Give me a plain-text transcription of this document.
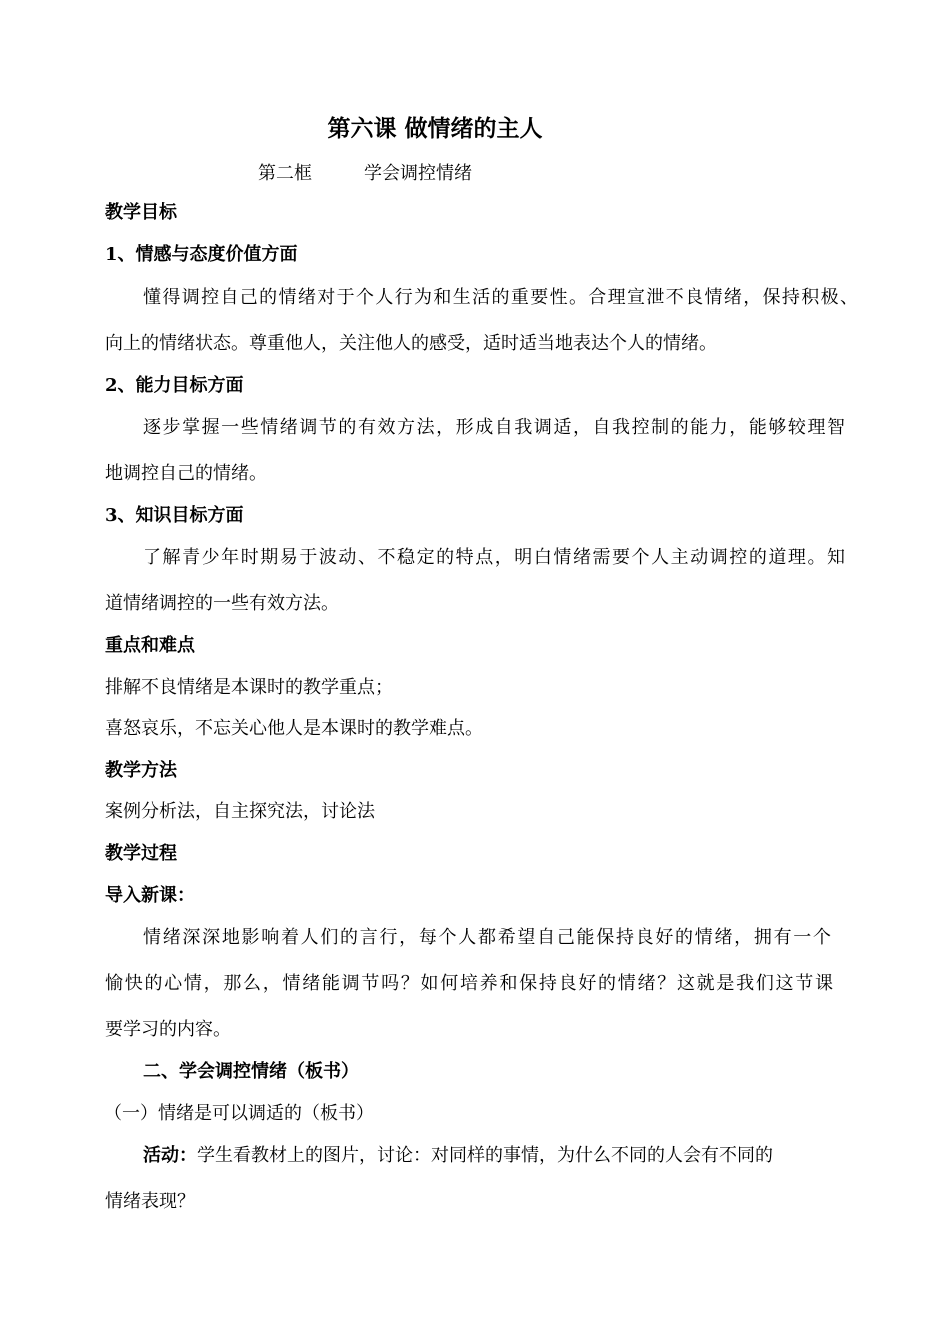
第六课 做情绪的主人
第二框	学会调控情绪
教学目标
1、情感与态度价值方面
懂得调控自己的情绪对于个人行为和生活的重要性。合理宣泄不良情绪，保持积极、
向上的情绪状态。尊重他人，关注他人的感受，适时适当地表达个人的情绪。
2、能力目标方面
逐步掌握一些情绪调节的有效方法，形成自我调适，自我控制的能力，能够较理智
地调控自己的情绪。
3、知识目标方面
了解青少年时期易于波动、不稳定的特点，明白情绪需要个人主动调控的道理。知
道情绪调控的一些有效方法。
重点和难点
排解不良情绪是本课时的教学重点；
喜怒哀乐，不忘关心他人是本课时的教学难点。
教学方法
案例分析法，自主探究法，讨论法
教学过程
导入新课：
情绪深深地影响着人们的言行，每个人都希望自己能保持良好的情绪，拥有一个
愉快的心情，那么，情绪能调节吗？如何培养和保持良好的情绪？这就是我们这节课
要学习的内容。
二、学会调控情绪（板书）
（一）情绪是可以调适的（板书）
活动：学生看教材上的图片，讨论：对同样的事情，为什么不同的人会有不同的
情绪表现？
